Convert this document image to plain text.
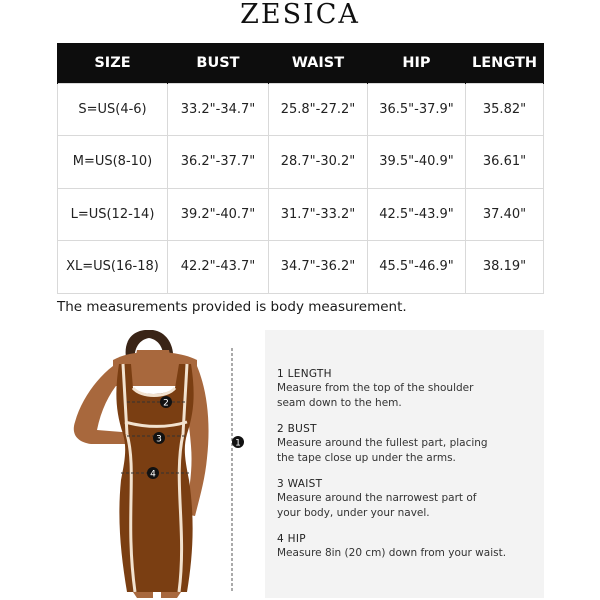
ZESICA
SIZE	BUST	WAIST	HIP	LENGTH
S=US(4-6)	33.2"-34.7"	25.8"-27.2"	36.5"-37.9"	35.82"
M=US(8-10)	36.2"-37.7"	28.7"-30.2"	39.5"-40.9"	36.61"
L=US(12-14)	39.2"-40.7"	31.7"-33.2"	42.5"-43.9"	37.40"
XL=US(16-18)	42.2"-43.7"	34.7"-36.2"	45.5"-46.9"	38.19"
The measurements provided is body measurement.
1
2
3
4
1 LENGTH
Measure from the top of the shoulder
seam down to the hem.
2 BUST
Measure around the fullest part, placing
the tape close up under the arms.
3 WAIST
Measure around the narrowest part of
your body, under your navel.
4 HIP
Measure 8in (20 cm) down from your waist.
